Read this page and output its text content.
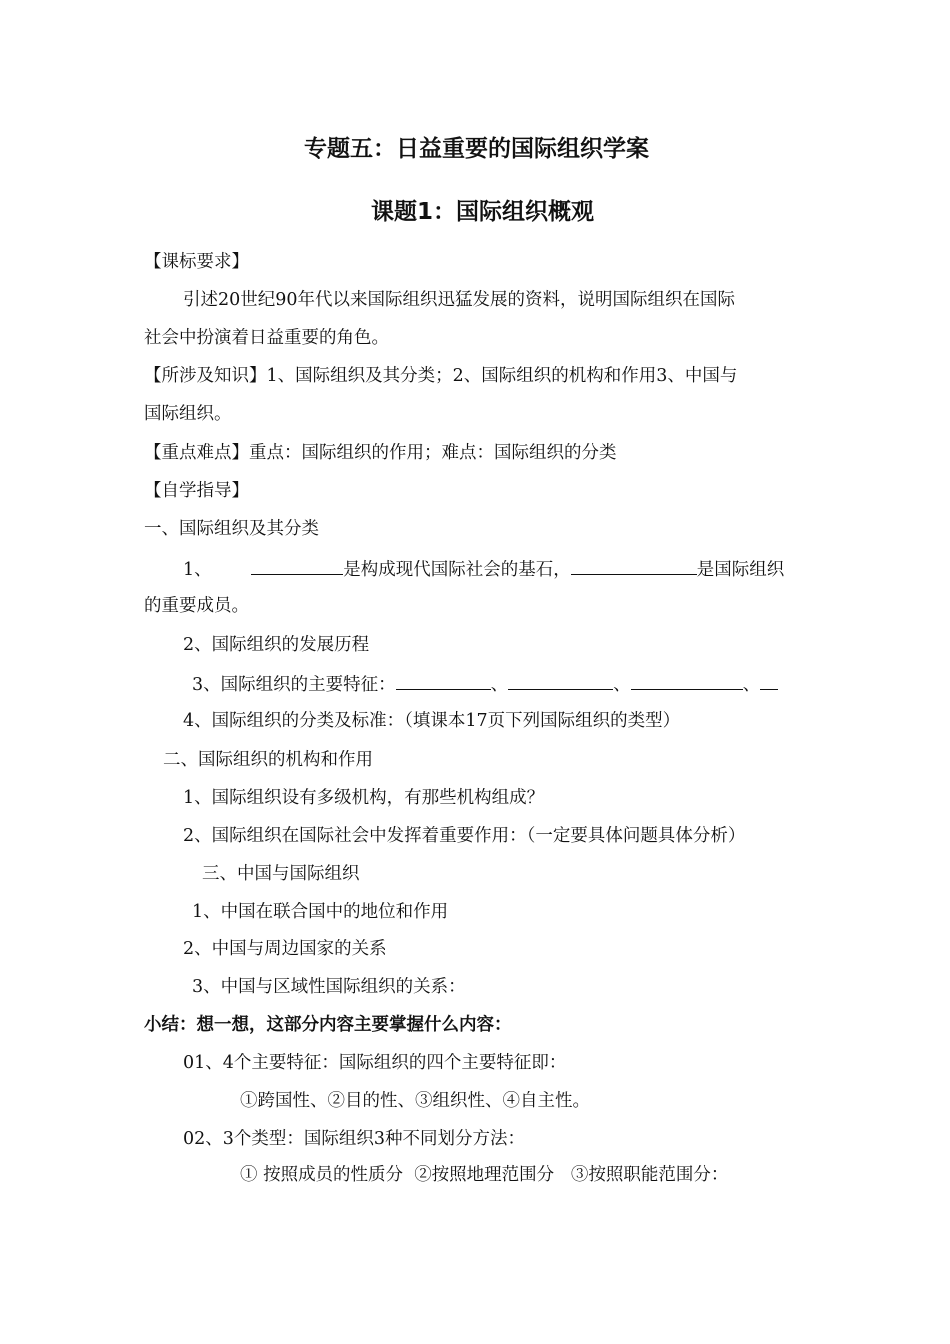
专题五：日益重要的国际组织学案
课题1：国际组织概观
【课标要求】
引述20世纪90年代以来国际组织迅猛发展的资料，说明国际组织在国际
社会中扮演着日益重要的角色。
【所涉及知识】1、国际组织及其分类；2、国际组织的机构和作用3、中国与
国际组织。
【重点难点】重点：国际组织的作用；难点：国际组织的分类
【自学指导】
一、国际组织及其分类
1、	是构成现代国际社会的基石，	是国际组织
的重要成员。
2、国际组织的发展历程
3、国际组织的主要特征：	、	、	、
4、国际组织的分类及标准：（填课本17页下列国际组织的类型）
二、国际组织的机构和作用
1、国际组织设有多级机构，有那些机构组成？
2、国际组织在国际社会中发挥着重要作用：（一定要具体问题具体分析）
三、中国与国际组织
1、中国在联合国中的地位和作用
2、中国与周边国家的关系
3、中国与区域性国际组织的关系：
小结：想一想，这部分内容主要掌握什么内容：
01、4个主要特征：国际组织的四个主要特征即：
①跨国性、②目的性、③组织性、④自主性。
02、3个类型：国际组织3种不同划分方法：
① 按照成员的性质分  ②按照地理范围分   ③按照职能范围分：
